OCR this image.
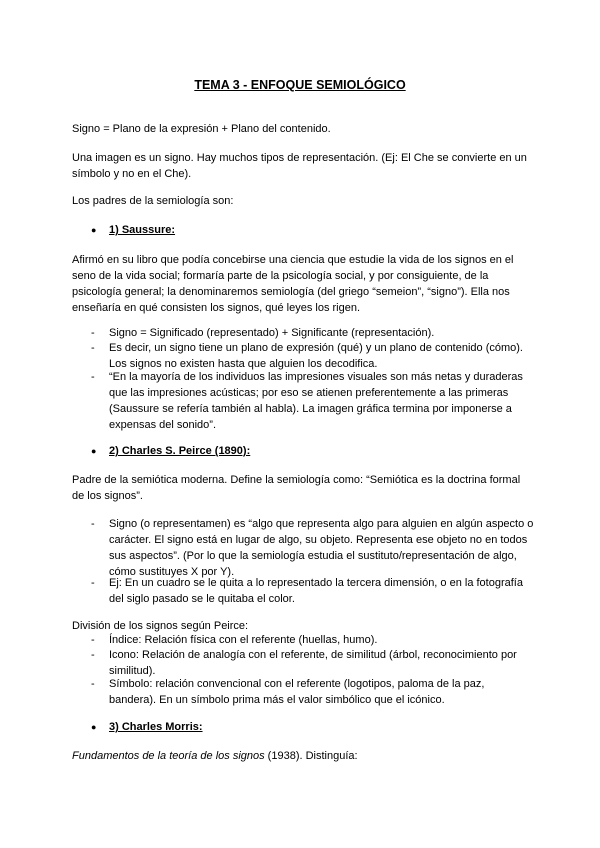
TEMA 3 - ENFOQUE SEMIOLÓGICO

Signo = Plano de la expresión + Plano del contenido.

Una imagen es un signo. Hay muchos tipos de representación. (Ej: El Che se convierte en un símbolo y no en el Che).

Los padres de la semiología son:

● 1) Saussure:

Afirmó en su libro que podía concebirse una ciencia que estudie la vida de los signos en el seno de la vida social; formaría parte de la psicología social, y por consiguiente, de la psicología general; la denominaremos semiología (del griego “semeion”, “signo”). Ella nos enseñaría en qué consisten los signos, qué leyes los rigen.

- Signo = Significado (representado) + Significante (representación).
- Es decir, un signo tiene un plano de expresión (qué) y un plano de contenido (cómo). Los signos no existen hasta que alguien los decodifica.
- “En la mayoría de los individuos las impresiones visuales son más netas y duraderas que las impresiones acústicas; por eso se atienen preferentemente a las primeras (Saussure se refería también al habla). La imagen gráfica termina por imponerse a expensas del sonido”.
● 2) Charles S. Peirce (1890):

Padre de la semiótica moderna. Define la semiología como: “Semiótica es la doctrina formal de los signos”.

- Signo (o representamen) es “algo que representa algo para alguien en algún aspecto o carácter. El signo está en lugar de algo, su objeto. Representa ese objeto no en todos sus aspectos”. (Por lo que la semiología estudia el sustituto/representación de algo, cómo sustituyes X por Y).
- Ej: En un cuadro se le quita a lo representado la tercera dimensión, o en la fotografía del siglo pasado se le quitaba el color.

División de los signos según Peirce:

- Índice: Relación física con el referente (huellas, humo).
- Icono: Relación de analogía con el referente, de similitud (árbol, reconocimiento por similitud).
- Símbolo: relación convencional con el referente (logotipos, paloma de la paz, bandera). En un símbolo prima más el valor simbólico que el icónico.
● 3) Charles Morris:

Fundamentos de la teoría de los signos (1938). Distinguía:
